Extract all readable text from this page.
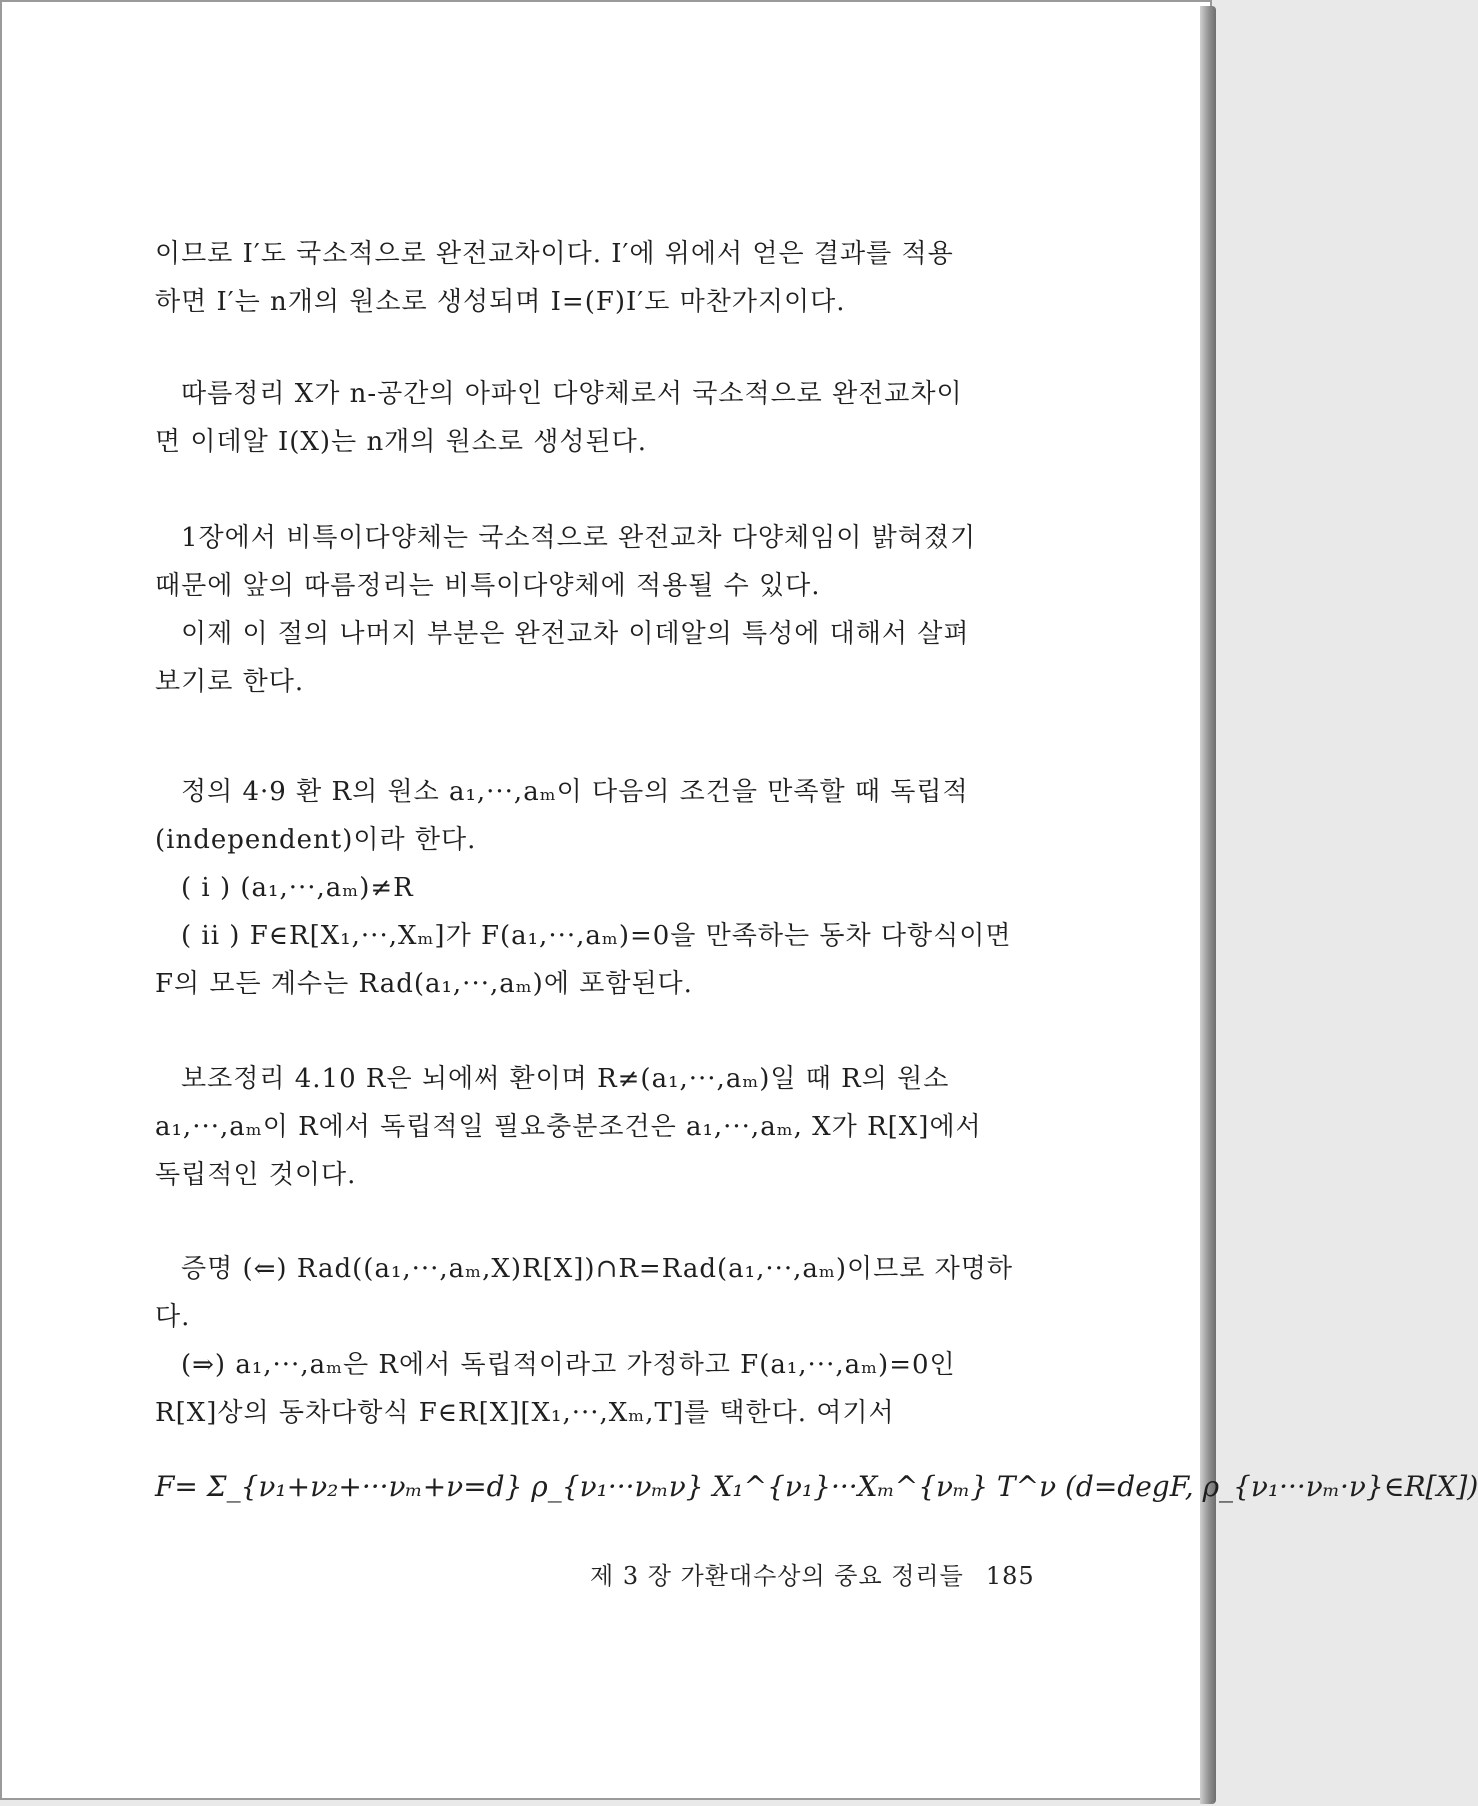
이므로 I′도 국소적으로 완전교차이다. I′에 위에서 얻은 결과를 적용
하면 I′는 n개의 원소로 생성되며 I=(F)I′도 마찬가지이다.
따름정리 X가 n-공간의 아파인 다양체로서 국소적으로 완전교차이
면 이데알 I(X)는 n개의 원소로 생성된다.
1장에서 비특이다양체는 국소적으로 완전교차 다양체임이 밝혀졌기
때문에 앞의 따름정리는 비특이다양체에 적용될 수 있다.
이제 이 절의 나머지 부분은 완전교차 이데알의 특성에 대해서 살펴
보기로 한다.
정의 4·9 환 R의 원소 a₁,···,aₘ이 다음의 조건을 만족할 때 독립적
(independent)이라 한다.
( i ) (a₁,···,aₘ)≠R
( ii ) F∈R[X₁,···,Xₘ]가 F(a₁,···,aₘ)=0을 만족하는 동차 다항식이면
F의 모든 계수는 Rad(a₁,···,aₘ)에 포함된다.
보조정리 4.10 R은 뇌에써 환이며 R≠(a₁,···,aₘ)일 때 R의 원소
a₁,···,aₘ이 R에서 독립적일 필요충분조건은 a₁,···,aₘ, X가 R[X]에서
독립적인 것이다.
증명 (⇐) Rad((a₁,···,aₘ,X)R[X])∩R=Rad(a₁,···,aₘ)이므로 자명하
다.
(⇒) a₁,···,aₘ은 R에서 독립적이라고 가정하고 F(a₁,···,aₘ)=0인
R[X]상의 동차다항식 F∈R[X][X₁,···,Xₘ,T]를 택한다. 여기서
F= Σ_{ν₁+ν₂+···νₘ+ν=d} ρ_{ν₁···νₘν} X₁^{ν₁}···Xₘ^{νₘ} T^ν (d=degF, ρ_{ν₁···νₘ·ν}∈R[X])
제 3 장 가환대수상의 중요 정리들 185
